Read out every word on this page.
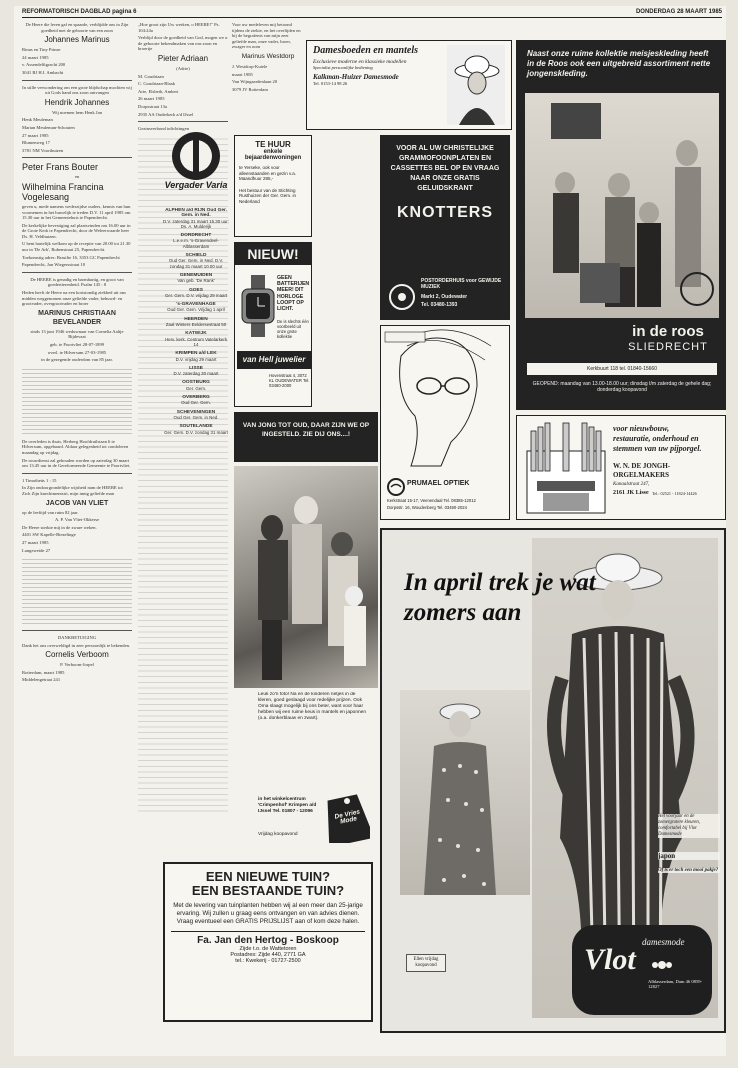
REFORMATORISCH DAGBLAD pagina 6	DONDERDAG 28 MAART 1985

De Heere die leven gaf en spaarde, verblijdde ons in Zijn goedheid met de geboorte van een zoon

Johannes Marinus

Rinus en Tiny Prinse

24 maart 1985

v. Assendelftgracht 200

3041 RJ H.I. Ambacht

In stille verwondering om een grote blijdschap mochten wij uit Gods hand ons zoon ontvangen

Hendrik Johannes

Wij noemen hem Henk Jan

Henk Meuleman

Marian Meuleman-Schouten

27 maart 1985

Blumenweg 17

3781 NM Voorthuizen

Peter Frans Bouter

en

Wilhelmina Francina Vogelesang

geven u, mede namens wederzijdse ouders, kennis van hun voornemen in het huwelijk te treden D.V. 11 april 1985 om 15.30 uur in het Gemeentehuis te Papendrecht.

De kerkelijke bevestiging zal plaatsvinden om 16.00 uur in de Grote Kerk te Papendrecht, door de Weleerwaarde heer Ds. H. Veldhuizen.

U bent hartelijk welkom op de receptie van 20.00 tot 21.30 uur in 'De Ark', Rubenstraat 25, Papendrecht.

Toekomstig adres: Brasilie 16, 3353 GC Papendrecht

Papendrecht, Jan Wiegersstraat 10

De HEERE is genadig en barmhartig, en groot van goedertierenheid. Psalm 145 : 8

Heden heeft de Heere na een kortstondig ziekbed uit ons midden weggenomen onze geliefde vader, behuwd- en grootvader, overgrootvader en broer

MARINUS CHRISTIAAN BEVELANDER

sinds 13 juni 1946 weduwnaar van Cornelia Aaltje Bijdevaat

geb. te Poortvliet 28-07-1899

overl. te Hilversum 27-03-1985

in de gezegende ouderdom van 85 jaar.

De overleden is thuis, Herberg Hoofdruilstaan 6 te Hilversum, opgebaard. Aldaar gelegenheid tot condoleren maandag op vrijdag.

De rouwdienst zal gehouden worden op zaterdag 30 maart om 13.45 uur in de Gereformeerde Gemeente te Poortvliet.

1 Timotheüs 1 : 15

In Zijn ondoorgrondelijke wijsheid nam de HEERE tot Zich Zijn knechtmentstri, mijn innig geliefde man

JACOB VAN VLIET

op de leeftijd van ruim 82 jaar.

A. P. Van Vliet-Okkerse

De Heere sterkte mij in de zware weken.

4401 SW Kapelle-Biezelinge

27 maart 1985

Langeweide 27

DANKBETUIGING

Dank het ons overweldigd in zeer persoonlijk te bekenden.

Cornelis Verboom

P. Verboom-Jorpel

Rotterdam, maart 1985

Middelengetraat 241

„Hoe groot zijn Uw werken, o HEERE!" Ps. 104:24a

Verblijd door de goedheid van God, mogen we u de geboorte bekendmaken van ons zoon en broertje

Pieter Adriaan

(Adrie)

M. Goudriaan

C. Goudriaan-Blaak

Arie, Elsbeth, Ambert

26 maart 1985

Dorpsstraat 13a

2935 AA Ouderkerk a/d IJssel

Gezinsverbond inlichtingen

Voor uw medeleven mij betoond tijdens de ziekte, en het overlijden en bij de begrafenis van mijn zeer geliefde man, onze vader, broer, zwager en oom

Marinus Westdorp

J. Westdorp-Kuiele

maart 1985

Van Wijngaardenlaan 20

3079 JV Rotterdam

Vergader Varia
ALPHEN a/d RIJN Oud Ger. Gem. in Ned.
D.V. zaterdag 31 maart 15.30 uur: Ds. A. Mulderijk
DORDRECHT
L.e.e.m. 's-Gravendeel-Alblasserdam
SCHIELD
Oud Ger. Gem. in Ned. D.V. zondag 31 maart 10.00 uur
GENEMUIDEN
Van geb. 'De Rank'
GOES
Ger. Gem. D.V. vrijdag 29 maart
's-GRAVENHAGE
Oud Ger. Gem. Vrijdag 1 april
HEERDEN
Zaal Winters Eeldersestraat 50
KATWIJK
Herv. kerk. Centrum Vatelarkerk 14
KRIMPEN a/d LEK
D.V. vrijdag 29 maart
LISSE
D.V. zaterdag 30 maart
OOSTBURG
Ger. Gem.
OVERBERG
Oud Ger. Gem.
SCHEVENINGEN
Oud Ger. Gem. in Ned.
SOUTELANDE
Ger. Gem. D.V. zondag 31 maart
TE HUUR
enkele bejaardenwoningen

te Yerseke, ook voor alleenstaanden en gezin v.a. Maandhuur 285,-

Het bestuur van de Stichting Rusthuizen der Ger. Gem. in Nederland

NIEUW!
GEEN BATTERIJEN MEER! DIT HORLOGE LOOPT OP LICHT.
De is slechts één voorbeeld uit onze grote kollektie
van Hell juwelier
Hovenstraat 4, 3072 KL OUDEWATER Tel. 03480-2000
VAN JONG TOT OUD, DAAR ZIJN WE OP INGESTELD. ZIE DIJ ONS....!

Leuk zo'n foto! Na en de kinderen netjes in de kleren, goed geslaagd voor redelijke prijzen. Ook Oma slaagt mogelijk bij ons beter, want voor haar hebben wij een ruime keus in mantels en japonnen (o.a. donkerblauw en zwart).

in het winkelcentrum 'Crimpenhof' Krimpen a/d IJssel Tel. 01807 - 12096
Vrijdag koopavond
De Vries Mode
EEN NIEUWE TUIN?
EEN BESTAANDE TUIN?

Met de levering van tuinplanten hebben wij al een meer dan 25-jarige ervaring. Wij zullen u graag eens ontvangen en van advies dienen. Vraag eventueel een GRATIS PRIJSLIJST aan of kom deze halen.

Fa. Jan den Hertog - Boskoop
Zijde t.o. de Wattetoren
Postadres: Zijde 440, 2771 GA
tel.: Kwekerij - 01727-2500
Damesboeden en mantels
Exclusieve moderne en klassieke modellen
Specialist persoonlijke bediening
Kalkman-Huizer Damesmode
Tel. 0153-14 98 26
VOOR AL UW CHRISTELIJKE GRAMMOFOONPLATEN EN CASSETTES BEL OP EN VRAAG NAAR ONZE GRATIS GELUIDSKRANT
KNOTTERS
POSTORDERHUIS voor GEWIJDE MUZIEK
Markt 2, Oudewater
Tel. 03480-1393
PRUMAEL OPTIEK
Kerkstraat 15-17, Veenendaal Tel. 08385-12012
Dorpsstr. 16, Woudenberg Tel. 03490-2024
Naast onze ruime kollektie meisjeskleding heeft in de Roos ook een uitgebreid assortiment nette jongenskleding.
in de roos
SLIEDRECHT
Kerkbuurt 118 tel. 01840-15660
GEOPEND: maandag van 13.00-18.00 uur; dinsdag t/m zaterdag de gehele dag; donderdag koopavond
voor nieuwbouw,
restauratie, onderhoud en
stemmen van uw pijporgel.
W. N. DE JONGH-ORGELMAKERS
Kanaalstraat 247,
2161 JK Lisse Tel.: 02521 - 11824-14426
In april trek je wat zomers aan
Ellen vrijdag koopavond
Het voorjaar en de zomergrotere kleuren, comfortabel bij Vlot Damesmode
japon
Of is er toch een mooi pakje?
Vlot
damesmode
Alblasserdam, Dam 46 0859-12827
